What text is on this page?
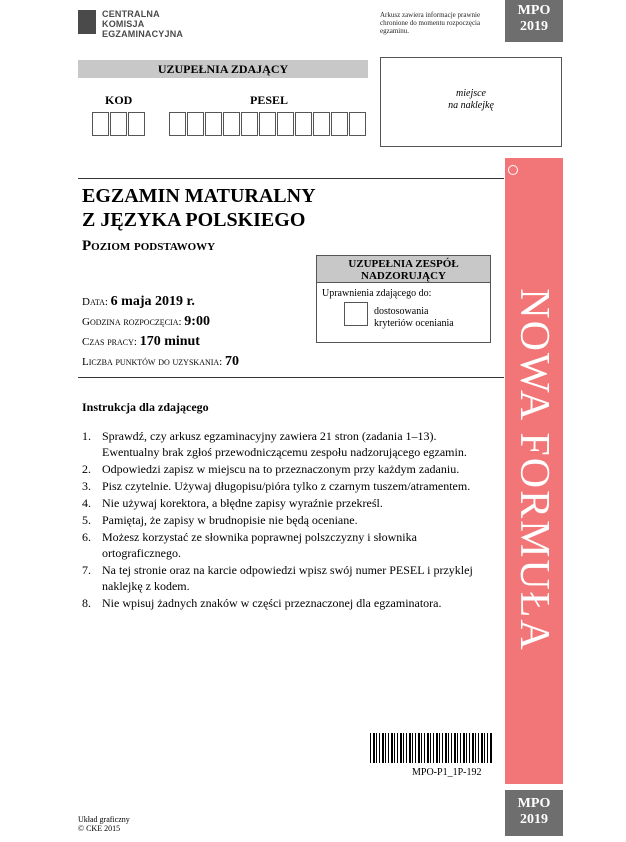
CENTRALNA
KOMISJA
EGZAMINACYJNA
Arkusz zawiera informacje prawnie chronione do momentu rozpoczęcia egzaminu.
MPO
2019
MPO
2019
UZUPEŁNIA ZDAJĄCY
KOD	PESEL	miejsce
na naklejkę
NOWA FORMUŁA
EGZAMIN MATURALNY
Z JĘZYKA POLSKIEGO
Poziom podstawowy
Data: 6 maja 2019 r.
Godzina rozpoczęcia: 9:00
Czas pracy: 170 minut
Liczba punktów do uzyskania: 70
UZUPEŁNIA ZESPÓŁ NADZORUJĄCY
Uprawnienia zdającego do:
dostosowania
kryteriów oceniania
Instrukcja dla zdającego
1. Sprawdź, czy arkusz egzaminacyjny zawiera 21 stron (zadania 1–13). Ewentualny brak zgłoś przewodniczącemu zespołu nadzorującego egzamin.
2. Odpowiedzi zapisz w miejscu na to przeznaczonym przy każdym zadaniu.
3. Pisz czytelnie. Używaj długopisu/pióra tylko z czarnym tuszem/atramentem.
4. Nie używaj korektora, a błędne zapisy wyraźnie przekreśl.
5. Pamiętaj, że zapisy w brudnopisie nie będą oceniane.
6. Możesz korzystać ze słownika poprawnej polszczyzny i słownika ortograficznego.
7. Na tej stronie oraz na karcie odpowiedzi wpisz swój numer PESEL i przyklej naklejkę z kodem.
8. Nie wpisuj żadnych znaków w części przeznaczonej dla egzaminatora.
MPO-P1_1P-192
Układ graficzny
© CKE 2015
